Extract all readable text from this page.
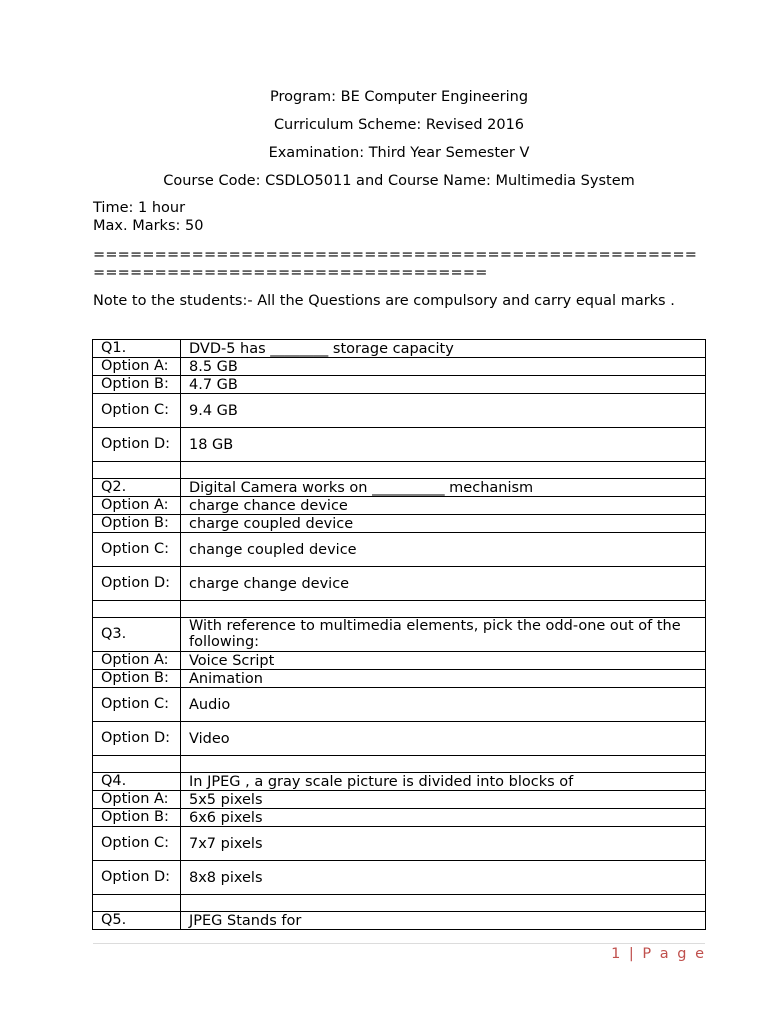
Program: BE Computer Engineering
Curriculum Scheme: Revised 2016
Examination: Third Year Semester V
Course Code: CSDLO5011 and Course Name: Multimedia System
Time: 1 hour
Max. Marks: 50
=================================================
================================
Note to the students:- All the Questions are compulsory and carry equal marks .
Q1.	DVD-5 has ________ storage capacity
Option A:	8.5 GB
Option B:	4.7 GB
Option C:	9.4 GB
Option D:	18 GB

Q2.	Digital Camera works on __________ mechanism
Option A:	charge chance device
Option B:	charge coupled device
Option C:	change coupled device
Option D:	charge change device

Q3.	With reference to multimedia elements, pick the odd-one out of the following:
Option A:	Voice Script
Option B:	Animation
Option C:	Audio
Option D:	Video

Q4.	In JPEG , a gray scale picture is divided into blocks of
Option A:	5x5 pixels
Option B:	6x6 pixels
Option C:	7x7 pixels
Option D:	8x8 pixels

Q5.	JPEG Stands for
1 | P a g e
